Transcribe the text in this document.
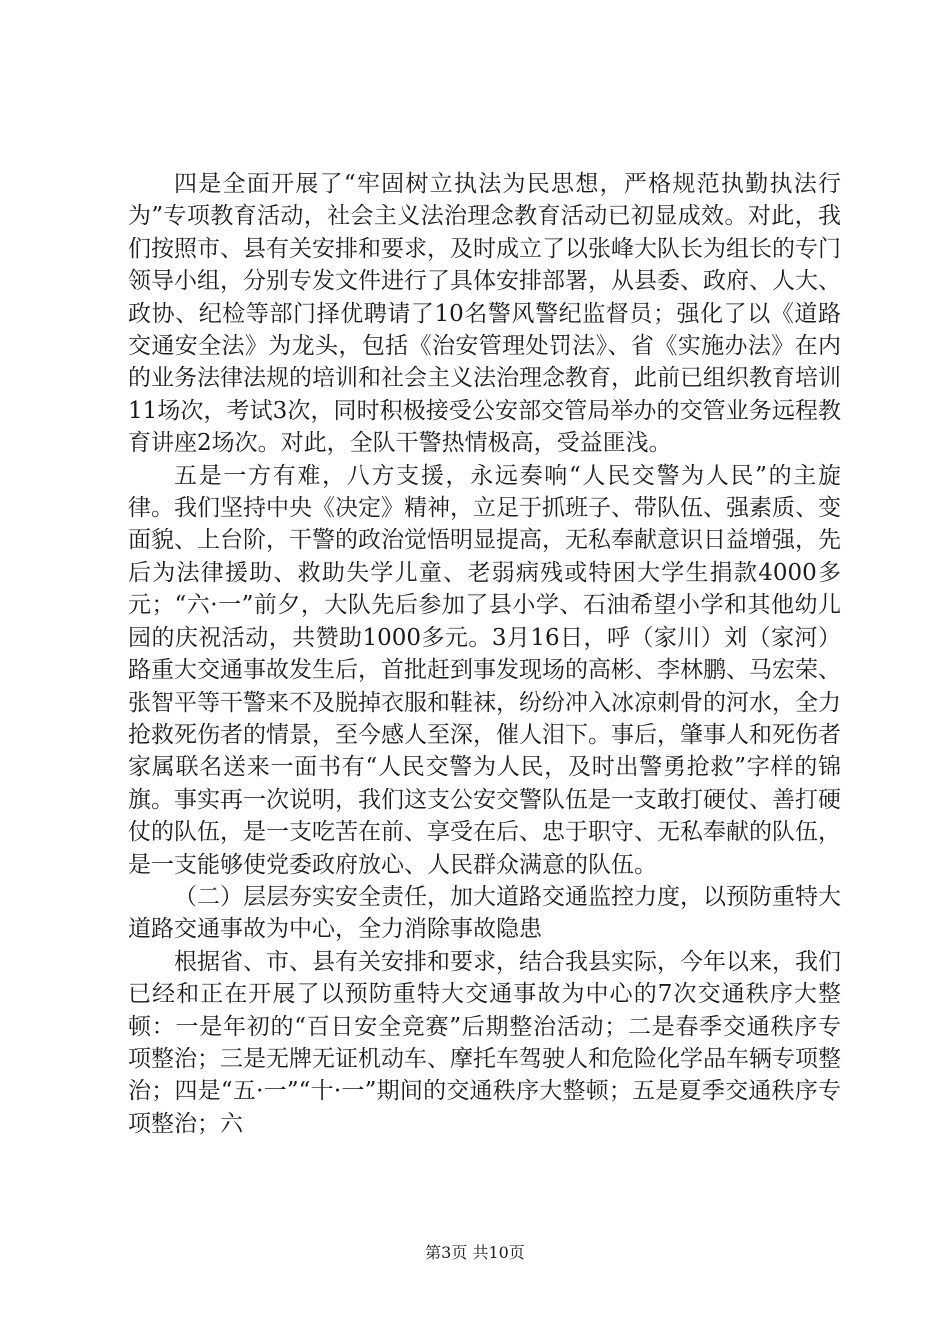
四是全面开展了“牢固树立执法为民思想，严格规范执勤执法行为”专项教育活动，社会主义法治理念教育活动已初显成效。对此，我们按照市、县有关安排和要求，及时成立了以张峰大队长为组长的专门领导小组，分别专发文件进行了具体安排部署，从县委、政府、人大、政协、纪检等部门择优聘请了10名警风警纪监督员；强化了以《道路交通安全法》为龙头，包括《治安管理处罚法》、省《实施办法》在内的业务法律法规的培训和社会主义法治理念教育，此前已组织教育培训11场次，考试3次，同时积极接受公安部交管局举办的交管业务远程教育讲座2场次。对此，全队干警热情极高，受益匪浅。

五是一方有难，八方支援，永远奏响“人民交警为人民”的主旋律。我们坚持中央《决定》精神，立足于抓班子、带队伍、强素质、变面貌、上台阶，干警的政治觉悟明显提高，无私奉献意识日益增强，先后为法律援助、救助失学儿童、老弱病残或特困大学生捐款4000多元；“六·一”前夕，大队先后参加了县小学、石油希望小学和其他幼儿园的庆祝活动，共赞助1000多元。3月16日，呼（家川）刘（家河）路重大交通事故发生后，首批赶到事发现场的高彬、李林鹏、马宏荣、张智平等干警来不及脱掉衣服和鞋袜，纷纷冲入冰凉刺骨的河水，全力抢救死伤者的情景，至今感人至深，催人泪下。事后，肇事人和死伤者家属联名送来一面书有“人民交警为人民，及时出警勇抢救”字样的锦旗。事实再一次说明，我们这支公安交警队伍是一支敢打硬仗、善打硬仗的队伍，是一支吃苦在前、享受在后、忠于职守、无私奉献的队伍，是一支能够使党委政府放心、人民群众满意的队伍。

（二）层层夯实安全责任，加大道路交通监控力度，以预防重特大道路交通事故为中心，全力消除事故隐患

根据省、市、县有关安排和要求，结合我县实际，今年以来，我们已经和正在开展了以预防重特大交通事故为中心的7次交通秩序大整顿：一是年初的“百日安全竞赛”后期整治活动；二是春季交通秩序专项整治；三是无牌无证机动车、摩托车驾驶人和危险化学品车辆专项整治；四是“五·一”“十·一”期间的交通秩序大整顿；五是夏季交通秩序专项整治；六

第3页 共10页
